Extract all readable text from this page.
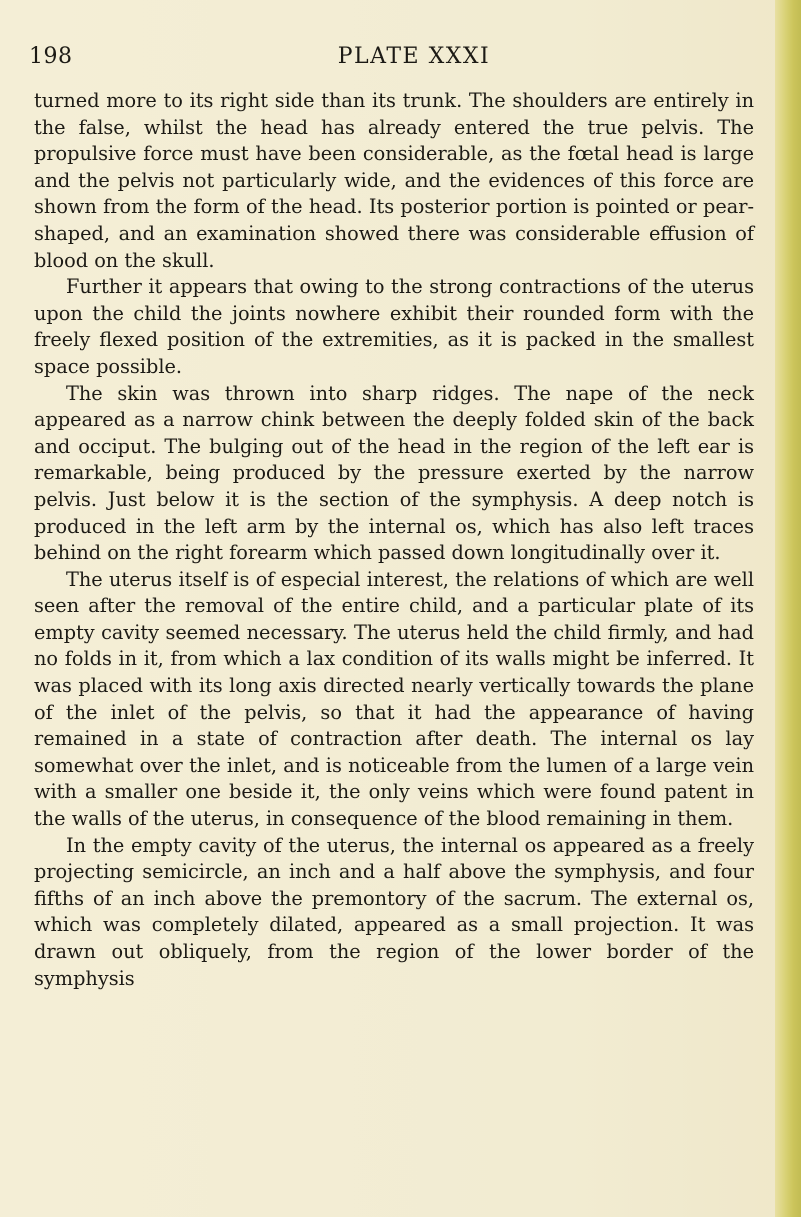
198	PLATE XXXI

turned more to its right side than its trunk. The shoulders are entirely in the false, whilst the head has already entered the true pelvis. The propulsive force must have been considerable, as the fœtal head is large and the pelvis not particularly wide, and the evidences of this force are shown from the form of the head. Its posterior portion is pointed or pear-shaped, and an examination showed there was considerable effusion of blood on the skull.

Further it appears that owing to the strong contractions of the uterus upon the child the joints nowhere exhibit their rounded form with the freely flexed position of the extremities, as it is packed in the smallest space possible.

The skin was thrown into sharp ridges. The nape of the neck appeared as a narrow chink between the deeply folded skin of the back and occiput. The bulging out of the head in the region of the left ear is remarkable, being produced by the pressure exerted by the narrow pelvis. Just below it is the section of the symphysis. A deep notch is produced in the left arm by the internal os, which has also left traces behind on the right forearm which passed down longitudinally over it.

The uterus itself is of especial interest, the relations of which are well seen after the removal of the entire child, and a particular plate of its empty cavity seemed necessary. The uterus held the child firmly, and had no folds in it, from which a lax condition of its walls might be inferred. It was placed with its long axis directed nearly vertically towards the plane of the inlet of the pelvis, so that it had the appearance of having remained in a state of contraction after death. The internal os lay somewhat over the inlet, and is noticeable from the lumen of a large vein with a smaller one beside it, the only veins which were found patent in the walls of the uterus, in consequence of the blood remaining in them.

In the empty cavity of the uterus, the internal os appeared as a freely projecting semicircle, an inch and a half above the symphysis, and four fifths of an inch above the premontory of the sacrum. The external os, which was completely dilated, appeared as a small projection. It was drawn out obliquely, from the region of the lower border of the symphysis
